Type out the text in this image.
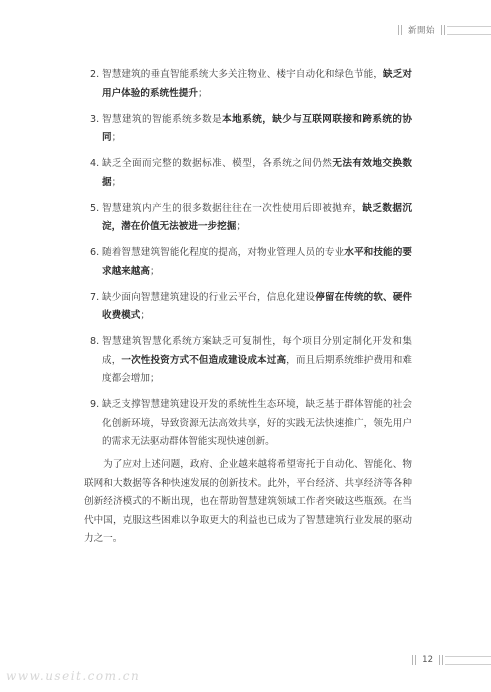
新開始
2. 智慧建筑的垂直智能系统大多关注物业、楼宇自动化和绿色节能，缺乏对用户体验的系统性提升；
3. 智慧建筑的智能系统多数是本地系统，缺少与互联网联接和跨系统的协同；
4. 缺乏全面而完整的数据标准、模型，各系统之间仍然无法有效地交换数据；
5. 智慧建筑内产生的很多数据往往在一次性使用后即被抛弃，缺乏数据沉淀，潜在价值无法被进一步挖掘；
6. 随着智慧建筑智能化程度的提高，对物业管理人员的专业水平和技能的要求越来越高；
7. 缺少面向智慧建筑建设的行业云平台，信息化建设停留在传统的软、硬件收费模式；
8. 智慧建筑智慧化系统方案缺乏可复制性，每个项目分别定制化开发和集成，一次性投资方式不但造成建设成本过高，而且后期系统维护费用和难度都会增加；
9. 缺乏支撑智慧建筑建设开发的系统性生态环境，缺乏基于群体智能的社会化创新环境，导致资源无法高效共享，好的实践无法快速推广，领先用户的需求无法驱动群体智能实现快速创新。
为了应对上述问题，政府、企业越来越将希望寄托于自动化、智能化、物联网和大数据等各种快速发展的创新技术。此外，平台经济、共享经济等各种创新经济模式的不断出现，也在帮助智慧建筑领域工作者突破这些瓶颈。在当代中国，克服这些困难以争取更大的利益也已成为了智慧建筑行业发展的驱动力之一。
12
www.useit.com.cn
